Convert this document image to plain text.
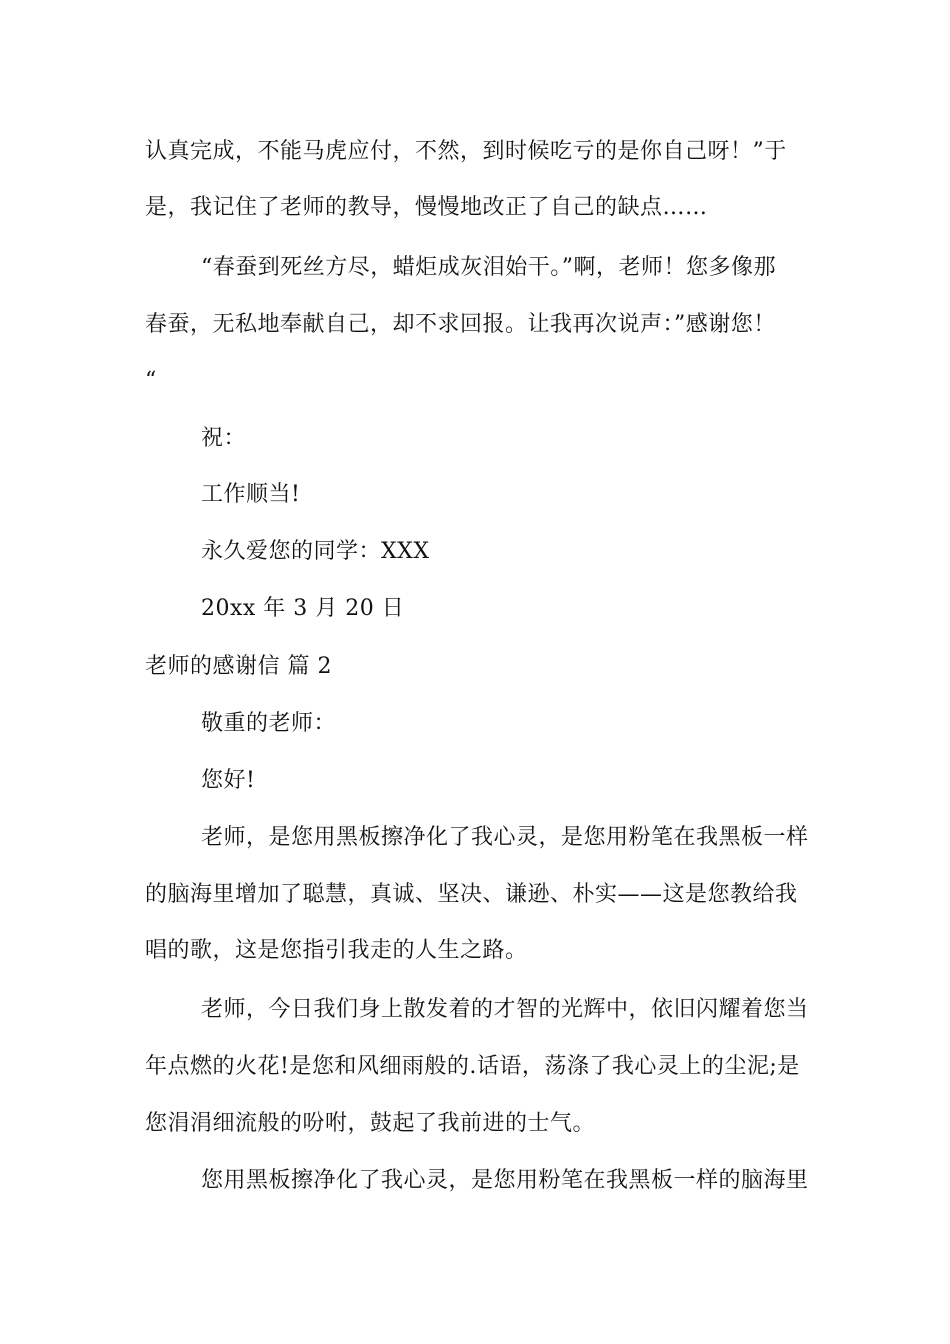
认真完成，不能马虎应付，不然，到时候吃亏的是你自己呀！”于
是，我记住了老师的教导，慢慢地改正了自己的缺点……
“春蚕到死丝方尽，蜡炬成灰泪始干。”啊，老师！您多像那
春蚕，无私地奉献自己，却不求回报。让我再次说声：”感谢您！
“
祝：
工作顺当!
永久爱您的同学：XXX
20xx 年 3 月 20 日
老师的感谢信 篇 2
敬重的老师：
您好!
老师，是您用黑板擦净化了我心灵，是您用粉笔在我黑板一样
的脑海里增加了聪慧，真诚、坚决、谦逊、朴实——这是您教给我
唱的歌，这是您指引我走的人生之路。
老师，今日我们身上散发着的才智的光辉中，依旧闪耀着您当
年点燃的火花!是您和风细雨般的.话语，荡涤了我心灵上的尘泥;是
您涓涓细流般的吩咐，鼓起了我前进的士气。
您用黑板擦净化了我心灵，是您用粉笔在我黑板一样的脑海里
